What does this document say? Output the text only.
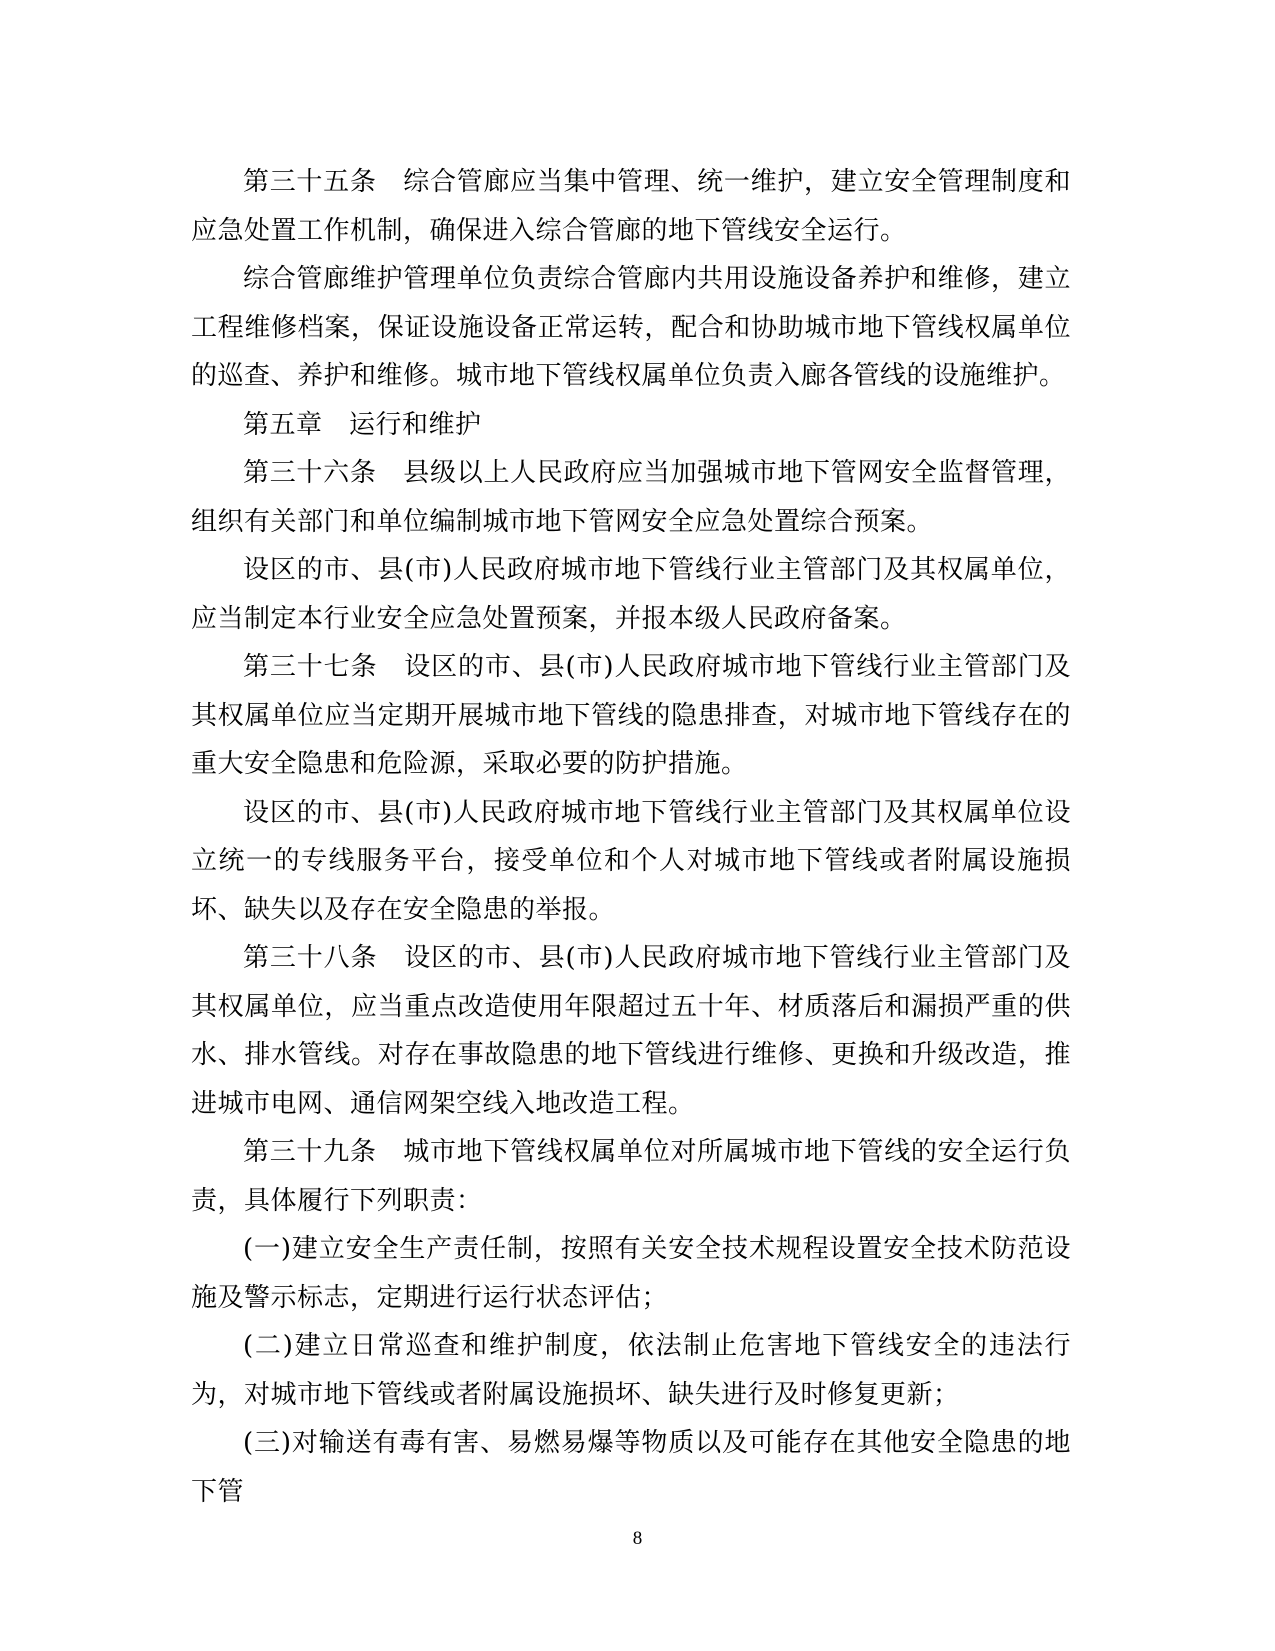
第三十五条　综合管廊应当集中管理、统一维护，建立安全管理制度和应急处置工作机制，确保进入综合管廊的地下管线安全运行。

综合管廊维护管理单位负责综合管廊内共用设施设备养护和维修，建立工程维修档案，保证设施设备正常运转，配合和协助城市地下管线权属单位的巡查、养护和维修。城市地下管线权属单位负责入廊各管线的设施维护。

第五章　运行和维护

第三十六条　县级以上人民政府应当加强城市地下管网安全监督管理，组织有关部门和单位编制城市地下管网安全应急处置综合预案。

设区的市、县(市)人民政府城市地下管线行业主管部门及其权属单位，应当制定本行业安全应急处置预案，并报本级人民政府备案。

第三十七条　设区的市、县(市)人民政府城市地下管线行业主管部门及其权属单位应当定期开展城市地下管线的隐患排查，对城市地下管线存在的重大安全隐患和危险源，采取必要的防护措施。

设区的市、县(市)人民政府城市地下管线行业主管部门及其权属单位设立统一的专线服务平台，接受单位和个人对城市地下管线或者附属设施损坏、缺失以及存在安全隐患的举报。

第三十八条　设区的市、县(市)人民政府城市地下管线行业主管部门及其权属单位，应当重点改造使用年限超过五十年、材质落后和漏损严重的供水、排水管线。对存在事故隐患的地下管线进行维修、更换和升级改造，推进城市电网、通信网架空线入地改造工程。

第三十九条　城市地下管线权属单位对所属城市地下管线的安全运行负责，具体履行下列职责：

(一)建立安全生产责任制，按照有关安全技术规程设置安全技术防范设施及警示标志，定期进行运行状态评估；

(二)建立日常巡查和维护制度，依法制止危害地下管线安全的违法行为，对城市地下管线或者附属设施损坏、缺失进行及时修复更新；

(三)对输送有毒有害、易燃易爆等物质以及可能存在其他安全隐患的地下管

8
